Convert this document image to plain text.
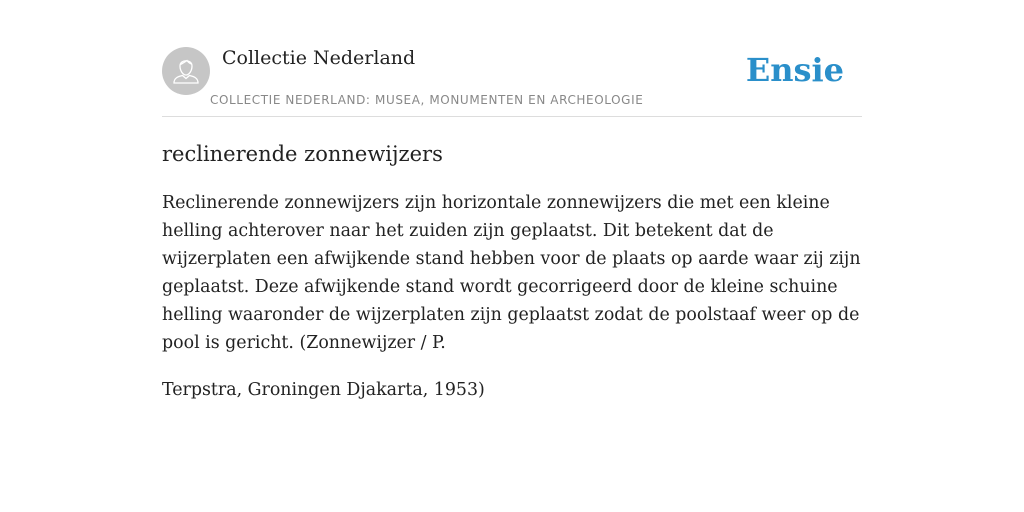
Collectie Nederland
COLLECTIE NEDERLAND: MUSEA, MONUMENTEN EN ARCHEOLOGIE
Ensie
reclinerende zonnewijzers

Reclinerende zonnewijzers zijn horizontale zonnewijzers die met een kleine helling achterover naar het zuiden zijn geplaatst. Dit betekent dat de wijzerplaten een afwijkende stand hebben voor de plaats op aarde waar zij zijn geplaatst. Deze afwijkende stand wordt gecorrigeerd door de kleine schuine helling waaronder de wijzerplaten zijn geplaatst zodat de poolstaaf weer op de pool is gericht. (Zonnewijzer / P.

Terpstra, Groningen Djakarta, 1953)
